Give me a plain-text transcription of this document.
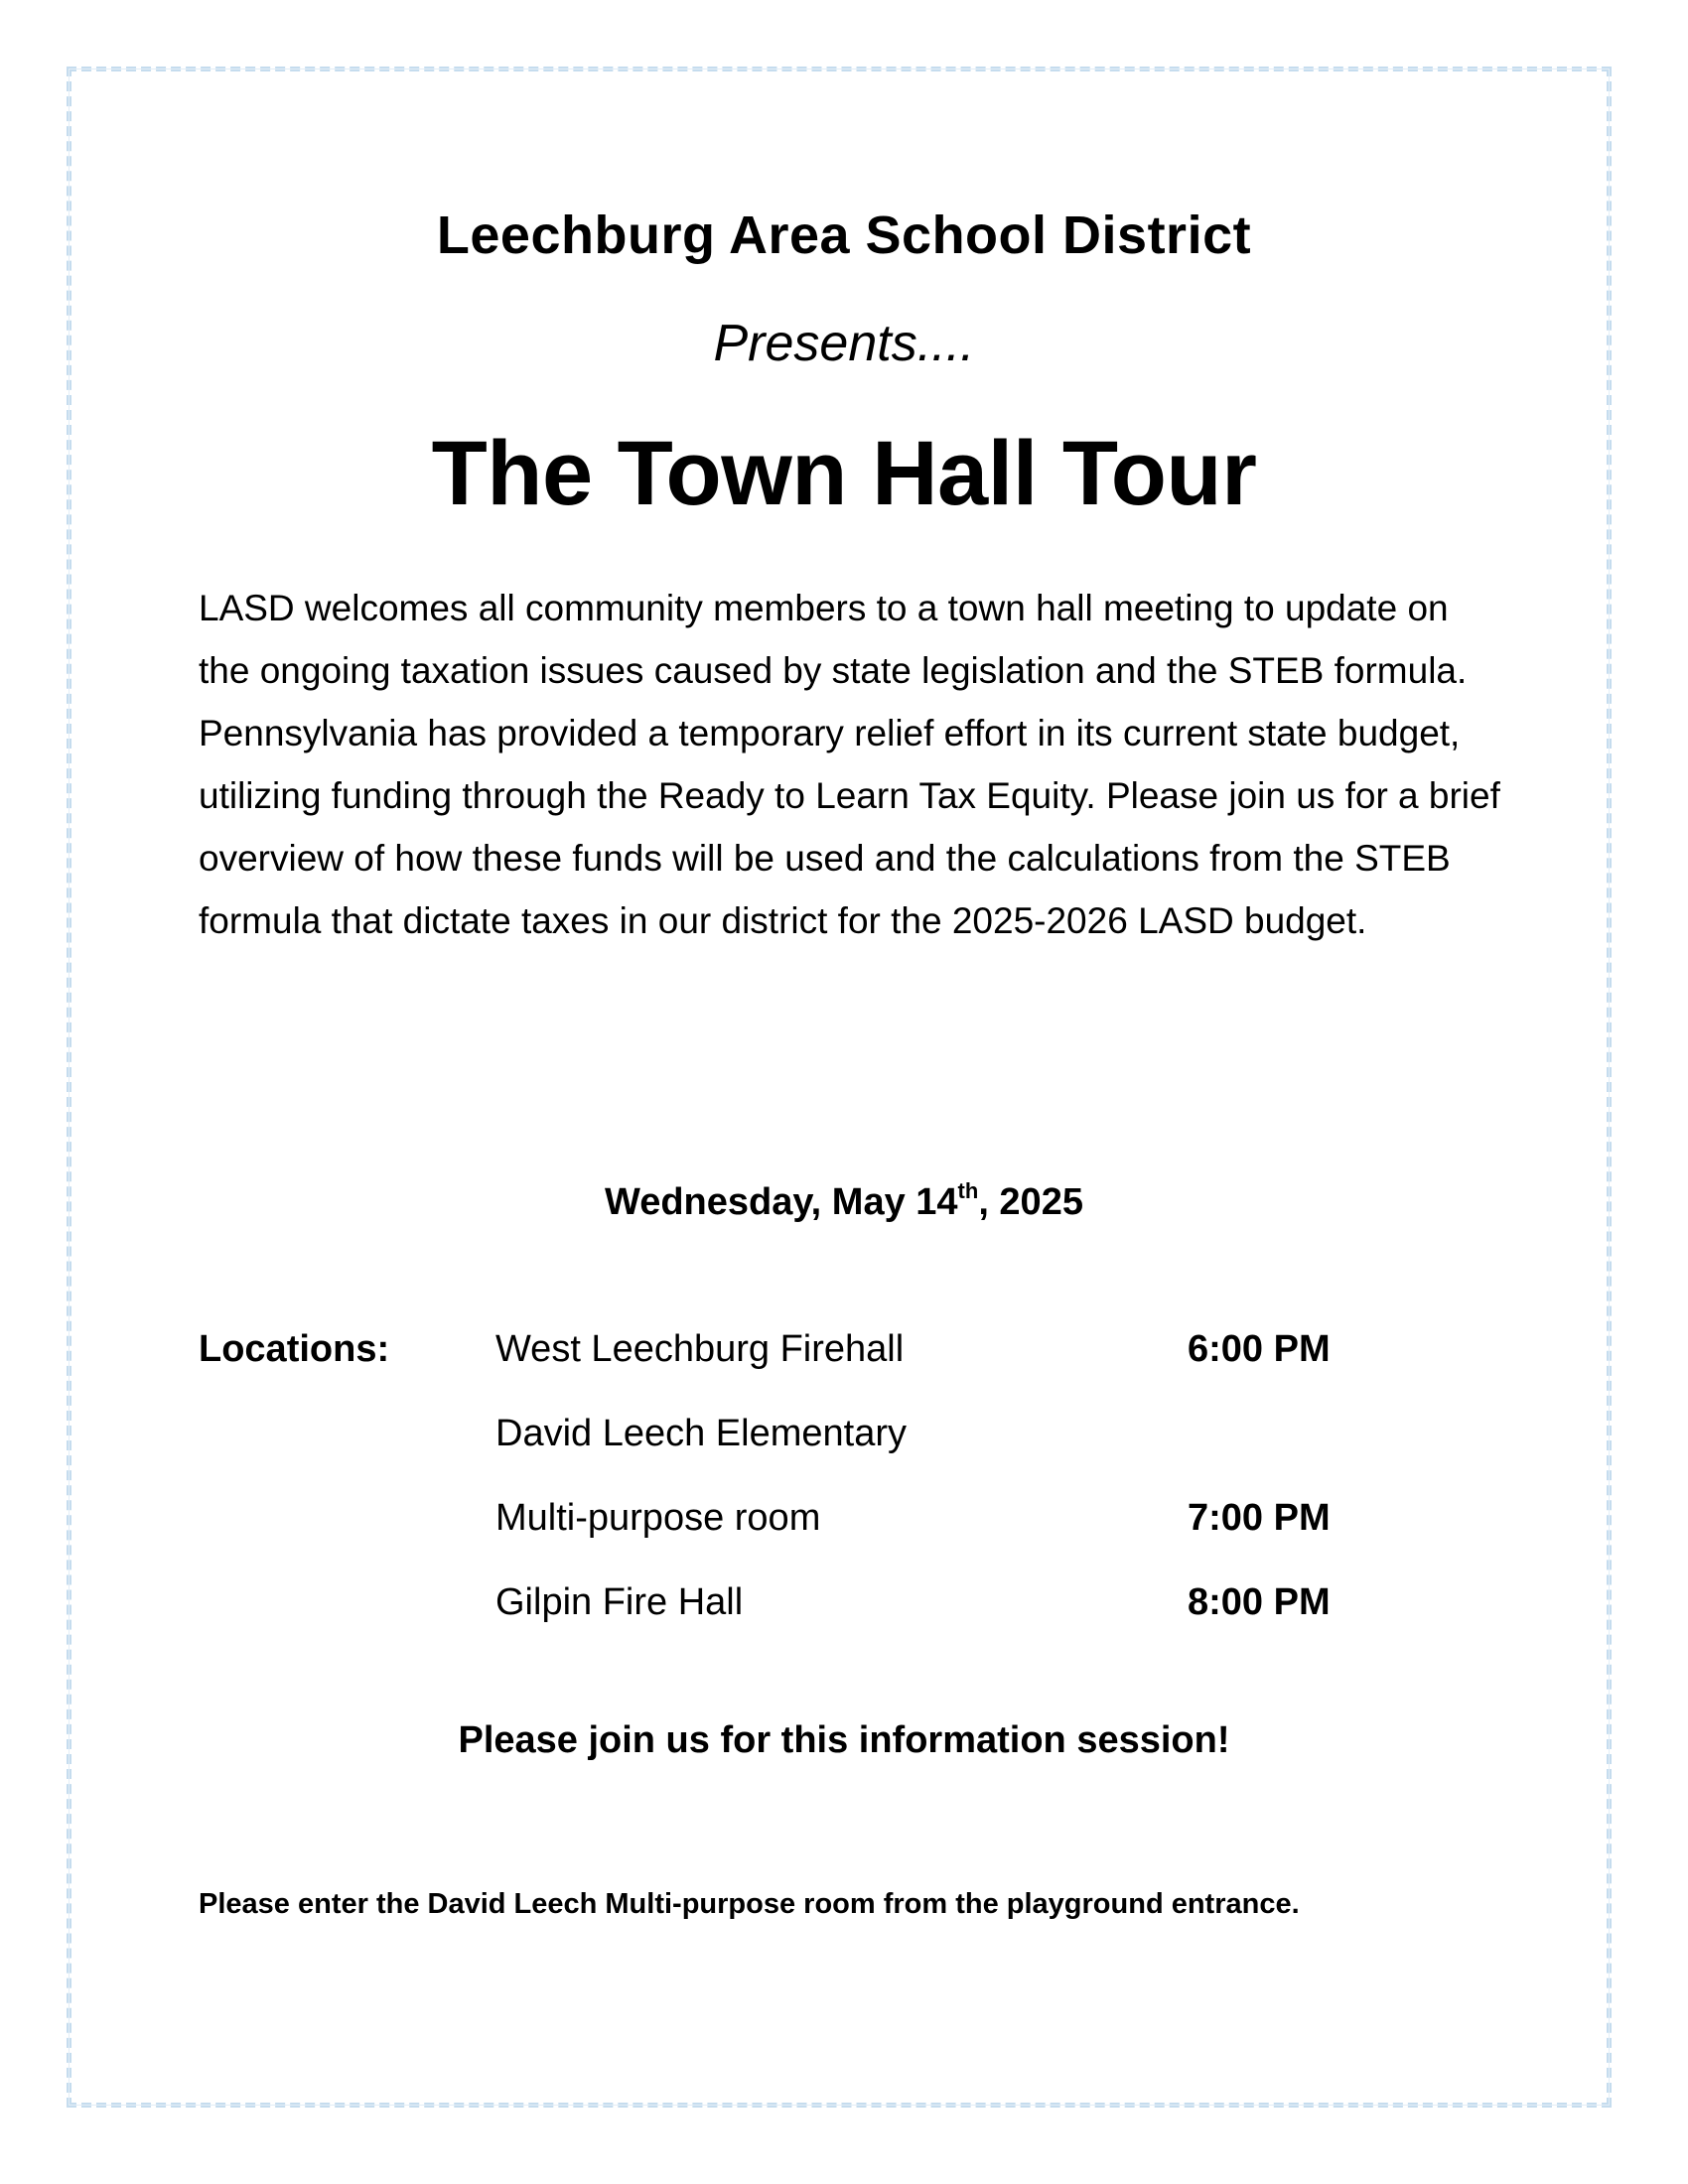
Leechburg Area School District
Presents....
The Town Hall Tour

LASD welcomes all community members to a town hall meeting to update on the ongoing taxation issues caused by state legislation and the STEB formula. Pennsylvania has provided a temporary relief effort in its current state budget, utilizing funding through the Ready to Learn Tax Equity. Please join us for a brief overview of how these funds will be used and the calculations from the STEB formula that dictate taxes in our district for the 2025-2026 LASD budget.

Wednesday, May 14th, 2025
Locations:	West Leechburg Firehall	6:00 PM
David Leech Elementary
Multi-purpose room	7:00 PM
Gilpin Fire Hall	8:00 PM
Please join us for this information session!
Please enter the David Leech Multi-purpose room from the playground entrance.
